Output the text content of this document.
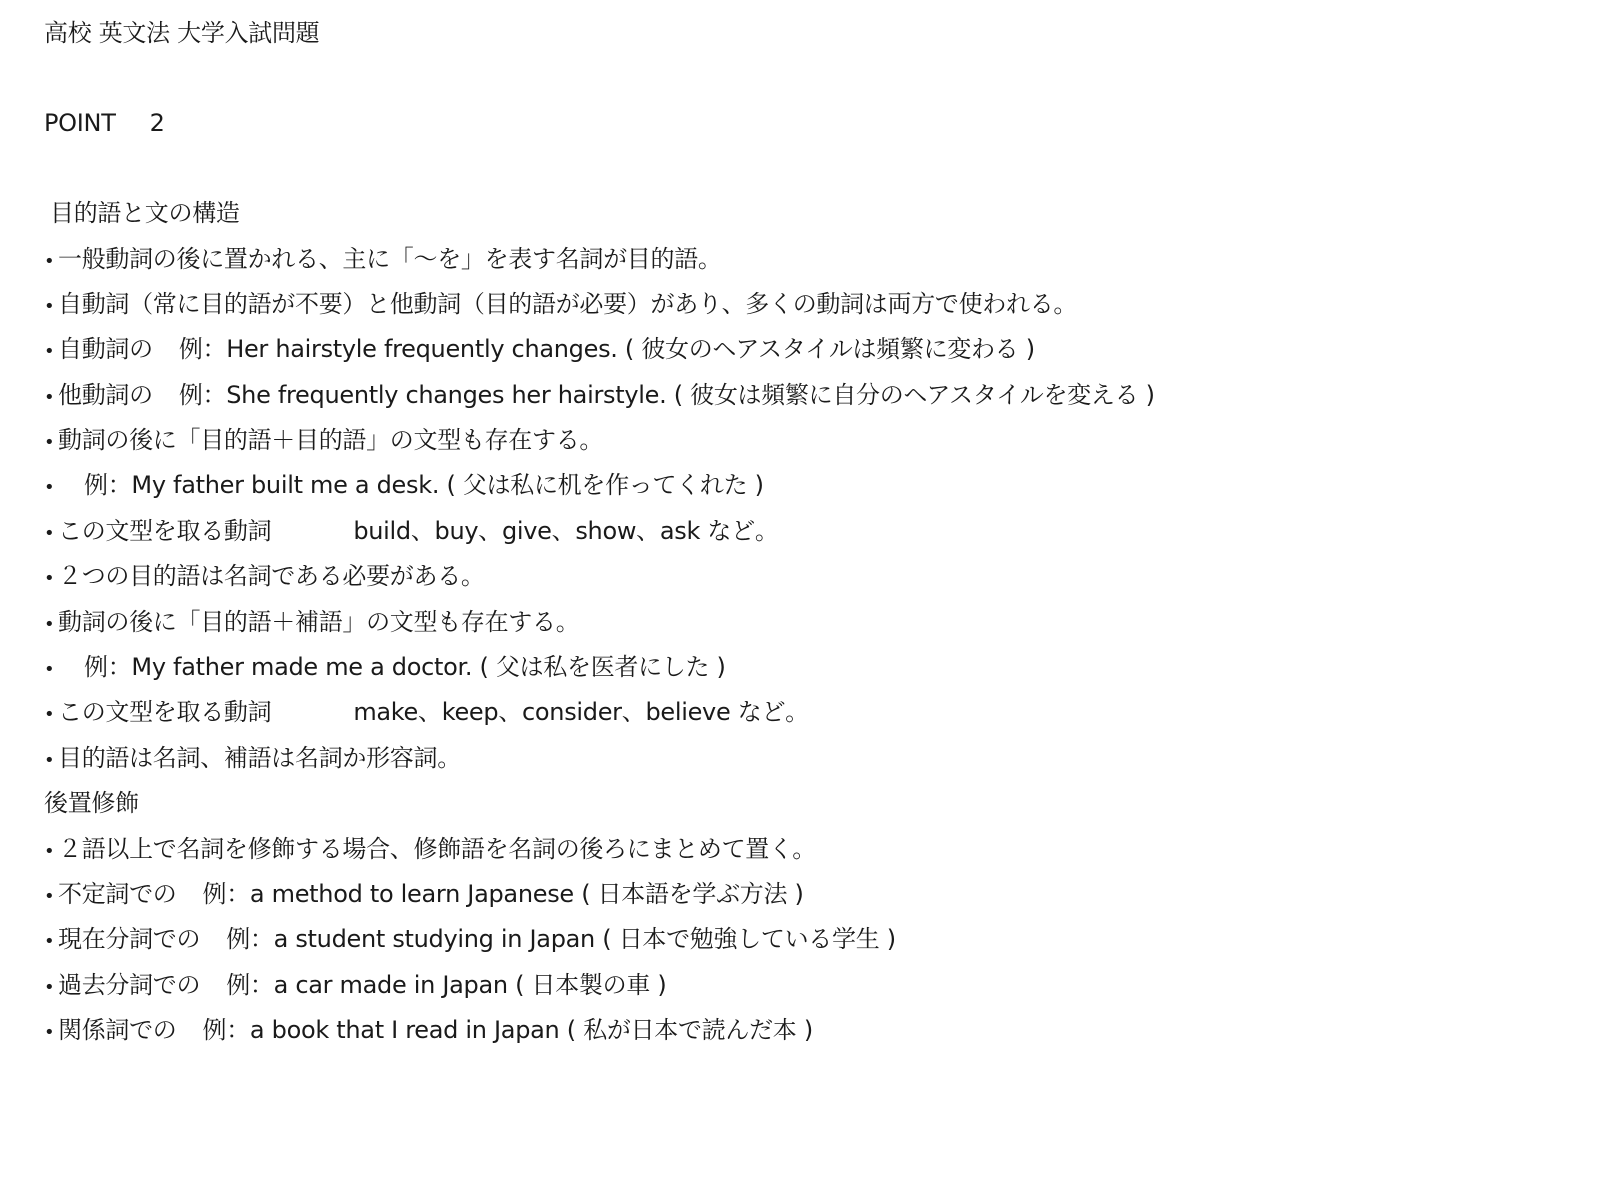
高校 英文法 大学入試問題
POINT 2
目的語と文の構造
• 一般動詞の後に置かれる、主に「〜を」を表す名詞が目的語。
• 自動詞（常に目的語が不要）と他動詞（目的語が必要）があり、多くの動詞は両方で使われる。
• 自動詞の 例： Her hairstyle frequently changes. ( 彼女のヘアスタイルは頻繁に変わる )
• 他動詞の 例： She frequently changes her hairstyle. ( 彼女は頻繁に自分のヘアスタイルを変える )
• 動詞の後に「目的語＋目的語」の文型も存在する。
• 例： My father built me a desk. ( 父は私に机を作ってくれた )
• この文型を取る動詞	build、buy、give、show、ask など。
• ２つの目的語は名詞である必要がある。
• 動詞の後に「目的語＋補語」の文型も存在する。
• 例： My father made me a doctor. ( 父は私を医者にした )
• この文型を取る動詞	make、keep、consider、believe など。
• 目的語は名詞、補語は名詞か形容詞。
後置修飾
• ２語以上で名詞を修飾する場合、修飾語を名詞の後ろにまとめて置く。
• 不定詞での 例： a method to learn Japanese ( 日本語を学ぶ方法 )
• 現在分詞での 例： a student studying in Japan ( 日本で勉強している学生 )
• 過去分詞での 例： a car made in Japan ( 日本製の車 )
• 関係詞での 例： a book that I read in Japan ( 私が日本で読んだ本 )
